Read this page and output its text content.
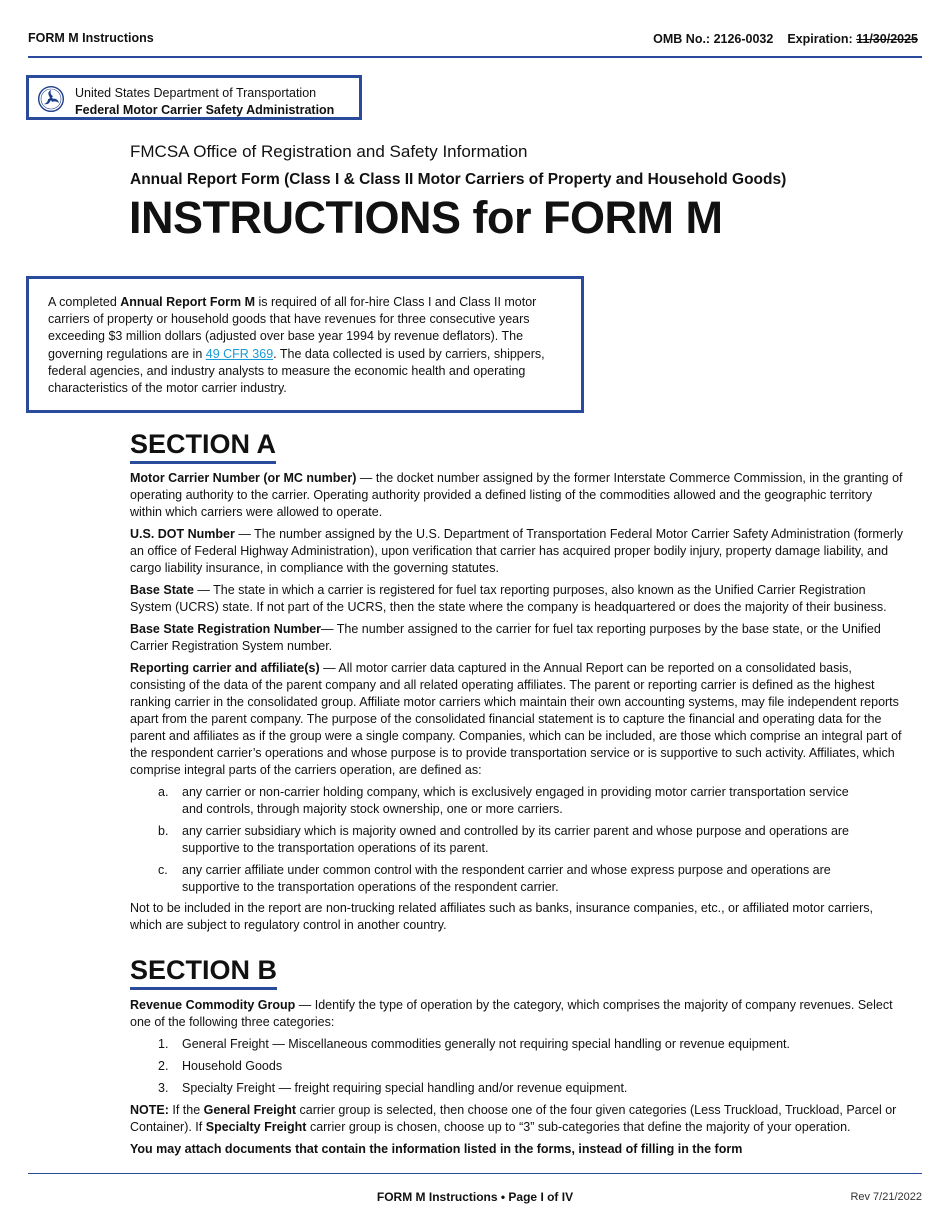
FORM M Instructions	OMB No.: 2126-0032 Expiration: 11/30/2025
United States Department of Transportation
Federal Motor Carrier Safety Administration
FMCSA Office of Registration and Safety Information
Annual Report Form (Class I & Class II Motor Carriers of Property and Household Goods)
INSTRUCTIONS for FORM M
A completed Annual Report Form M is required of all for-hire Class I and Class II motor carriers of property or household goods that have revenues for three consecutive years exceeding $3 million dollars (adjusted over base year 1994 by revenue deflators). The governing regulations are in 49 CFR 369. The data collected is used by carriers, shippers, federal agencies, and industry analysts to measure the economic health and operating characteristics of the motor carrier industry.
SECTION A

Motor Carrier Number (or MC number) — the docket number assigned by the former Interstate Commerce Commission, in the granting of operating authority to the carrier. Operating authority provided a defined listing of the commodities allowed and the geographic territory within which carriers were allowed to operate.

U.S. DOT Number — The number assigned by the U.S. Department of Transportation Federal Motor Carrier Safety Administration (formerly an office of Federal Highway Administration), upon verification that carrier has acquired proper bodily injury, property damage liability, and cargo liability insurance, in compliance with the governing statutes.

Base State — The state in which a carrier is registered for fuel tax reporting purposes, also known as the Unified Carrier Registration System (UCRS) state. If not part of the UCRS, then the state where the company is headquartered or does the majority of their business.

Base State Registration Number— The number assigned to the carrier for fuel tax reporting purposes by the base state, or the Unified Carrier Registration System number.

Reporting carrier and affiliate(s) — All motor carrier data captured in the Annual Report can be reported on a consolidated basis, consisting of the data of the parent company and all related operating affiliates. The parent or reporting carrier is defined as the highest ranking carrier in the consolidated group. Affiliate motor carriers which maintain their own accounting systems, may file independent reports apart from the parent company. The purpose of the consolidated financial statement is to capture the financial and operating data for the parent and affiliates as if the group were a single company. Companies, which can be included, are those which comprise an integral part of the respondent carrier’s operations and whose purpose is to provide transportation service or is supportive to such activity. Affiliates, which comprise integral parts of the carriers operation, are defined as:

a. any carrier or non-carrier holding company, which is exclusively engaged in providing motor carrier transportation service and controls, through majority stock ownership, one or more carriers.
b. any carrier subsidiary which is majority owned and controlled by its carrier parent and whose purpose and operations are supportive to the transportation operations of its parent.
c. any carrier affiliate under common control with the respondent carrier and whose express purpose and operations are supportive to the transportation operations of the respondent carrier.

Not to be included in the report are non-trucking related affiliates such as banks, insurance companies, etc., or affiliated motor carriers, which are subject to regulatory control in another country.

SECTION B

Revenue Commodity Group — Identify the type of operation by the category, which comprises the majority of company revenues. Select one of the following three categories:

1. General Freight — Miscellaneous commodities generally not requiring special handling or revenue equipment.
2. Household Goods
3. Specialty Freight — freight requiring special handling and/or revenue equipment.

NOTE: If the General Freight carrier group is selected, then choose one of the four given categories (Less Truckload, Truckload, Parcel or Container). If Specialty Freight carrier group is chosen, choose up to “3” sub-categories that define the majority of your operation.

You may attach documents that contain the information listed in the forms, instead of filling in the form

FORM M Instructions • Page I of IV	Rev 7/21/2022
